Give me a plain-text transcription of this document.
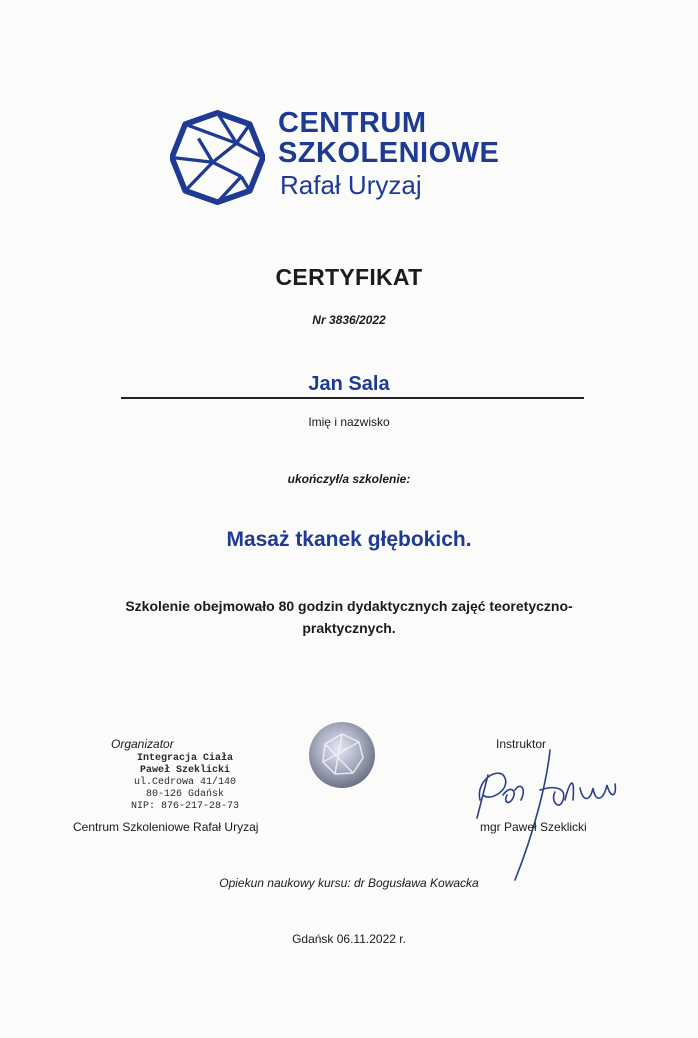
CENTRUM
SZKOLENIOWE
Rafał Uryzaj
CERTYFIKAT
Nr 3836/2022
Jan Sala
Imię i nazwisko
ukończył/a szkolenie:
Masaż tkanek głębokich.
Szkolenie obejmowało 80 godzin dydaktycznych zajęć teoretyczno-praktycznych.
Organizator
Integracja Ciała
Paweł Szeklicki
ul.Cedrowa 41/140
80-126 Gdańsk
NIP: 876-217-28-73
Centrum Szkoleniowe Rafał Uryzaj
Instruktor
mgr Paweł Szeklicki
Opiekun naukowy kursu: dr Bogusława Kowacka
Gdańsk 06.11.2022 r.
